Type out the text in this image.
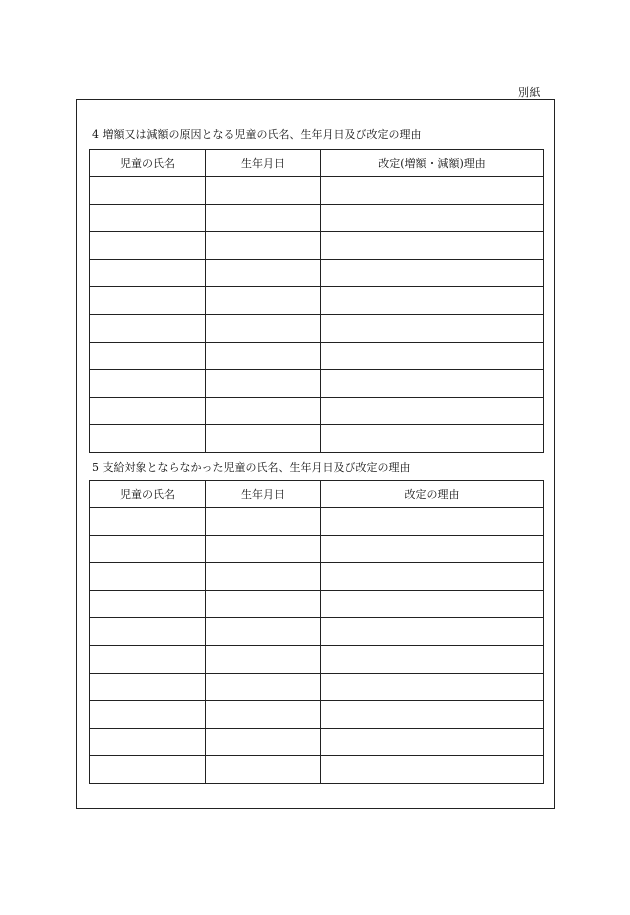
別紙
4 増額又は減額の原因となる児童の氏名、生年月日及び改定の理由
児童の氏名	生年月日	改定(増額・減額)理由

5 支給対象とならなかった児童の氏名、生年月日及び改定の理由
児童の氏名	生年月日	改定の理由
